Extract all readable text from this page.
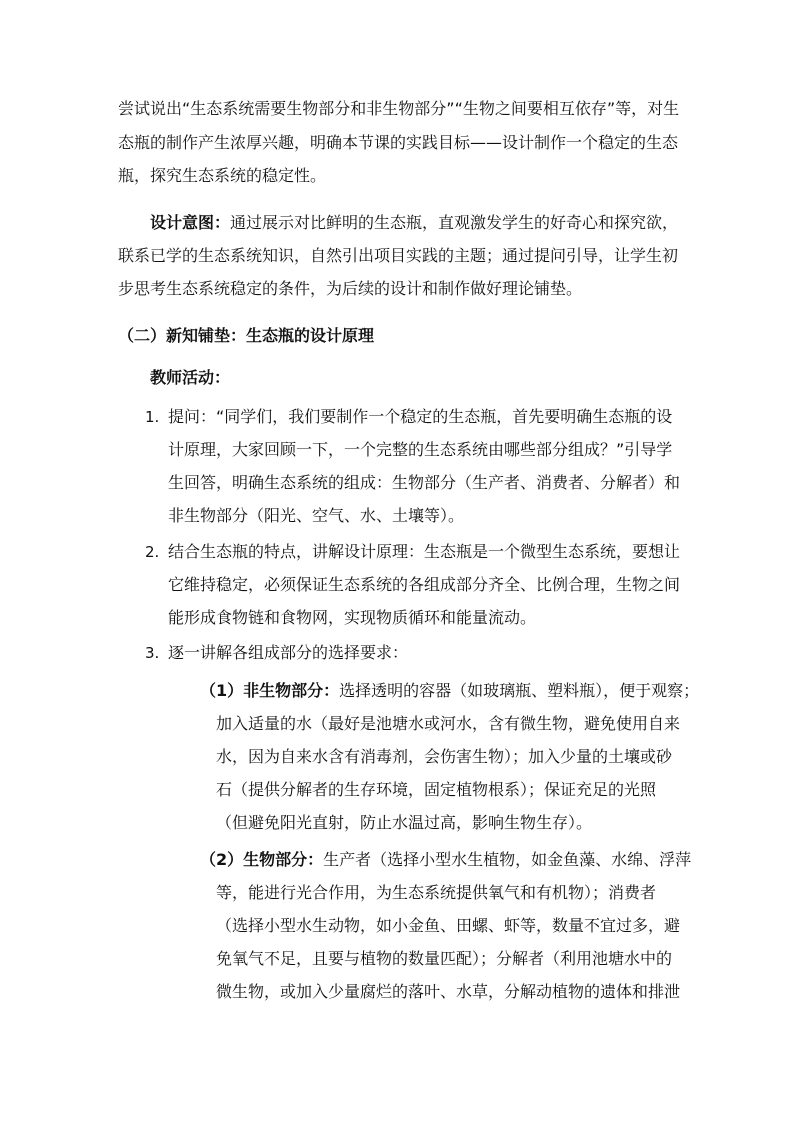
尝试说出“生态系统需要生物部分和非生物部分”“生物之间要相互依存”等，对生
态瓶的制作产生浓厚兴趣，明确本节课的实践目标——设计制作一个稳定的生态
瓶，探究生态系统的稳定性。
设计意图：通过展示对比鲜明的生态瓶，直观激发学生的好奇心和探究欲，
联系已学的生态系统知识，自然引出项目实践的主题；通过提问引导，让学生初
步思考生态系统稳定的条件，为后续的设计和制作做好理论铺垫。
（二）新知铺垫：生态瓶的设计原理
教师活动：
1. 提问：“同学们，我们要制作一个稳定的生态瓶，首先要明确生态瓶的设
计原理，大家回顾一下，一个完整的生态系统由哪些部分组成？”引导学
生回答，明确生态系统的组成：生物部分（生产者、消费者、分解者）和
非生物部分（阳光、空气、水、土壤等）。
2. 结合生态瓶的特点，讲解设计原理：生态瓶是一个微型生态系统，要想让
它维持稳定，必须保证生态系统的各组成部分齐全、比例合理，生物之间
能形成食物链和食物网，实现物质循环和能量流动。
3. 逐一讲解各组成部分的选择要求：
（1）非生物部分：选择透明的容器（如玻璃瓶、塑料瓶），便于观察；
加入适量的水（最好是池塘水或河水，含有微生物，避免使用自来
水，因为自来水含有消毒剂，会伤害生物）；加入少量的土壤或砂
石（提供分解者的生存环境，固定植物根系）；保证充足的光照
（但避免阳光直射，防止水温过高，影响生物生存）。
（2）生物部分：生产者（选择小型水生植物，如金鱼藻、水绵、浮萍
等，能进行光合作用，为生态系统提供氧气和有机物）；消费者
（选择小型水生动物，如小金鱼、田螺、虾等，数量不宜过多，避
免氧气不足，且要与植物的数量匹配）；分解者（利用池塘水中的
微生物，或加入少量腐烂的落叶、水草，分解动植物的遗体和排泄
